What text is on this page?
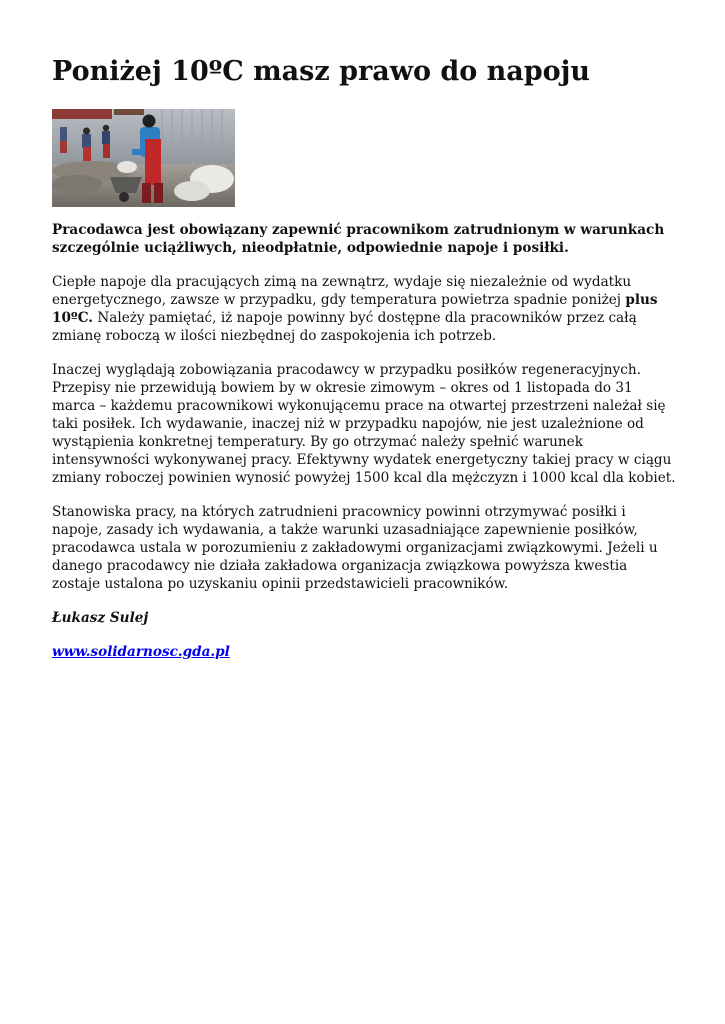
Poniżej 10ºC masz prawo do napoju

Pracodawca jest obowiązany zapewnić pracownikom zatrudnionym w warunkach szczególnie uciążliwych, nieodpłatnie, odpowiednie napoje i posiłki.

Ciepłe napoje dla pracujących zimą na zewnątrz, wydaje się niezależnie od wydatku energetycznego, zawsze w przypadku, gdy temperatura powietrza spadnie poniżej plus 10ºC. Należy pamiętać, iż napoje powinny być dostępne dla pracowników przez całą zmianę roboczą w ilości niezbędnej do zaspokojenia ich potrzeb.

Inaczej wyglądają zobowiązania pracodawcy w przypadku posiłków regeneracyjnych. Przepisy nie przewidują bowiem by w okresie zimowym – okres od 1 listopada do 31 marca – każdemu pracownikowi wykonującemu prace na otwartej przestrzeni należał się taki posiłek. Ich wydawanie, inaczej niż w przypadku napojów, nie jest uzależnione od wystąpienia konkretnej temperatury. By go otrzymać należy spełnić warunek intensywności wykonywanej pracy. Efektywny wydatek energetyczny takiej pracy w ciągu zmiany roboczej powinien wynosić powyżej 1500 kcal dla mężczyzn i 1000 kcal dla kobiet.

Stanowiska pracy, na których zatrudnieni pracownicy powinni otrzymywać posiłki i napoje, zasady ich wydawania, a także warunki uzasadniające zapewnienie posiłków, pracodawca ustala w porozumieniu z zakładowymi organizacjami związkowymi. Jeżeli u danego pracodawcy nie działa zakładowa organizacja związkowa powyższa kwestia zostaje ustalona po uzyskaniu opinii przedstawicieli pracowników.

Łukasz Sulej

www.solidarnosc.gda.pl
